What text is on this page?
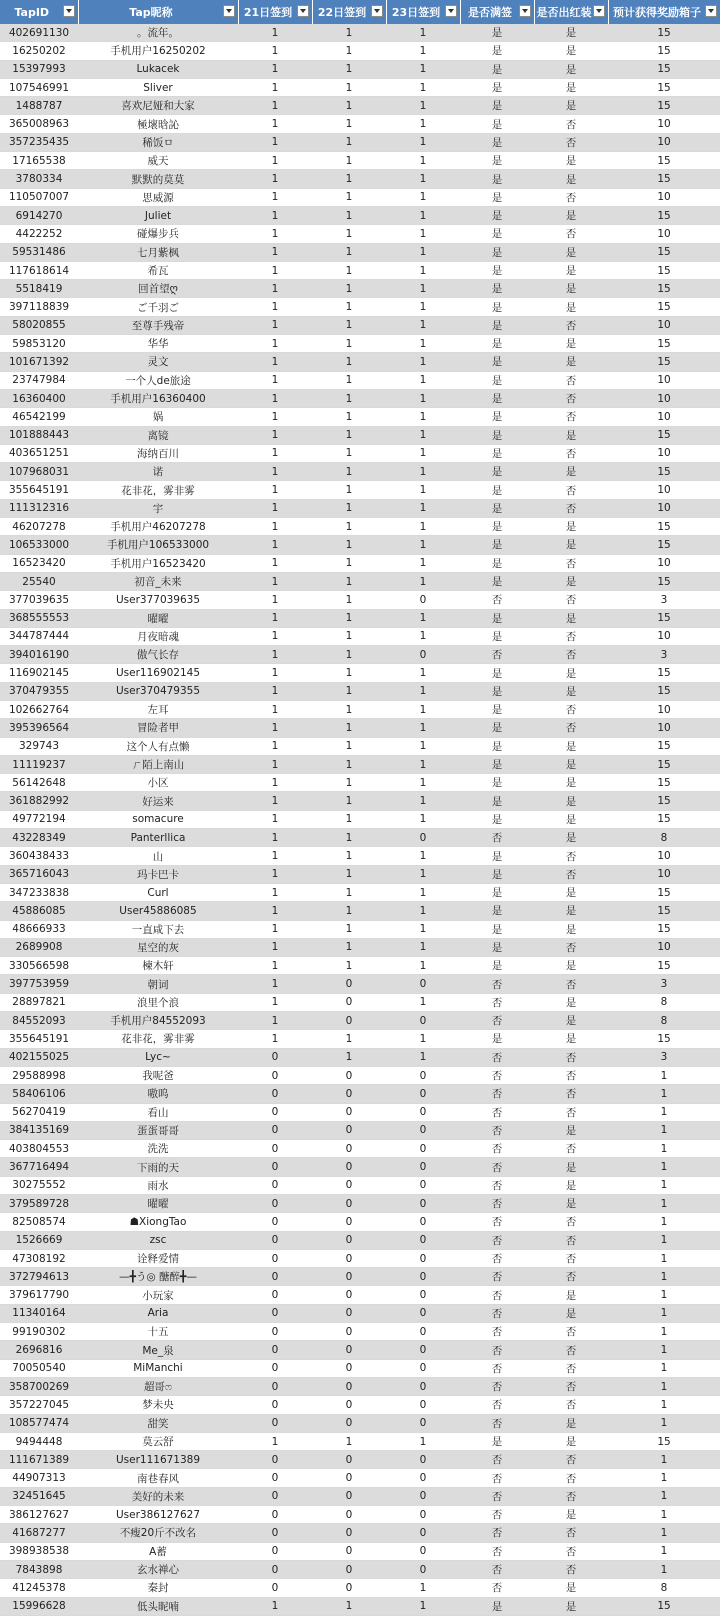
TapID	Tap昵称	21日签到	22日签到	23日签到	是否满签	是否出红装	预计获得奖励箱子

402691130	。流年。	1	1	1	是	是	15
16250202	手机用户16250202	1	1	1	是	是	15
15397993	Lukacek	1	1	1	是	是	15
107546991	Sliver	1	1	1	是	是	15
1488787	喜欢尼娅和大家	1	1	1	是	是	15
365008963	極壞晗訫	1	1	1	是	否	10
357235435	稀饭ㅁ	1	1	1	是	否	10
17165538	威天	1	1	1	是	是	15
3780334	默默的莫莫	1	1	1	是	是	15
110507007	思威源	1	1	1	是	否	10
6914270	Juliet	1	1	1	是	是	15
4422252	碰爆步兵	1	1	1	是	否	10
59531486	七月紫枫	1	1	1	是	是	15
117618614	希瓦	1	1	1	是	是	15
5518419	回首望ღ	1	1	1	是	是	15
397118839	ご千羽ご	1	1	1	是	是	15
58020855	至尊手残帝	1	1	1	是	否	10
59853120	华华	1	1	1	是	是	15
101671392	灵文	1	1	1	是	是	15
23747984	一个人de旅途	1	1	1	是	否	10
16360400	手机用户16360400	1	1	1	是	否	10
46542199	娲	1	1	1	是	否	10
101888443	离镜	1	1	1	是	是	15
403651251	海纳百川	1	1	1	是	否	10
107968031	诺	1	1	1	是	是	15
355645191	花非花，雾非雾	1	1	1	是	否	10
111312316	宇	1	1	1	是	否	10
46207278	手机用户46207278	1	1	1	是	是	15
106533000	手机用户106533000	1	1	1	是	是	15
16523420	手机用户16523420	1	1	1	是	否	10
25540	初音_未来	1	1	1	是	是	15
377039635	User377039635	1	1	0	否	否	3
368555553	曜曜	1	1	1	是	是	15
344787444	月夜暗魂	1	1	1	是	否	10
394016190	傲气长存	1	1	0	否	否	3
116902145	User116902145	1	1	1	是	是	15
370479355	User370479355	1	1	1	是	是	15
102662764	左耳	1	1	1	是	否	10
395396564	冒险者甲	1	1	1	是	否	10
329743	这个人有点懒	1	1	1	是	是	15
11119237	ㄏ陌上南山	1	1	1	是	是	15
56142648	小区	1	1	1	是	是	15
361882992	好运来	1	1	1	是	是	15
49772194	somacure	1	1	1	是	是	15
43228349	Panterllica	1	1	0	否	是	8
360438433	山	1	1	1	是	否	10
365716043	玛卡巴卡	1	1	1	是	否	10
347233838	Curl	1	1	1	是	是	15
45886085	User45886085	1	1	1	是	是	15
48666933	一直咸下去	1	1	1	是	是	15
2689908	星空的灰	1	1	1	是	否	10
330566598	楝木轩	1	1	1	是	是	15
397753959	朝词	1	0	0	否	否	3
28897821	浪里个浪	1	0	1	否	是	8
84552093	手机用户84552093	1	0	0	否	是	8
355645191	花非花，雾非雾	1	1	1	是	是	15
402155025	Lyc~	0	1	1	否	否	3
29588998	我呢爸	0	0	0	否	否	1
58406106	嗷呜	0	0	0	否	否	1
56270419	看山	0	0	0	否	否	1
384135169	蛋蛋哥哥	0	0	0	否	是	1
403804553	洗洗	0	0	0	否	否	1
367716494	下雨的天	0	0	0	否	是	1
30275552	雨水	0	0	0	否	是	1
379589728	曜曜	0	0	0	否	是	1
82508574	☗XiongTao	0	0	0	否	否	1
1526669	zsc	0	0	0	否	否	1
47308192	诠释爱情	0	0	0	否	否	1
372794613	—╋う◎ 醣醉╋—	0	0	0	否	否	1
379617790	小玩家	0	0	0	否	是	1
11340164	Aria	0	0	0	否	是	1
99190302	十五	0	0	0	否	否	1
2696816	Me_泉	0	0	0	否	否	1
70050540	MiManchi	0	0	0	否	否	1
358700269	超哥ෆ	0	0	0	否	否	1
357227045	梦未央	0	0	0	否	否	1
108577474	甜笑	0	0	0	否	是	1
9494448	莫云舒	1	1	1	是	是	15
111671389	User111671389	0	0	0	否	否	1
44907313	南巷春风	0	0	0	否	否	1
32451645	美好的未来	0	0	0	否	否	1
386127627	User386127627	0	0	0	否	是	1
41687277	不瘦20斤不改名	0	0	0	否	否	1
398938538	A蓄	0	0	0	否	否	1
7843898	玄水禅心	0	0	0	否	否	1
41245378	秦封	0	0	1	否	是	8
15996628	低头昵喃	1	1	1	是	是	15
